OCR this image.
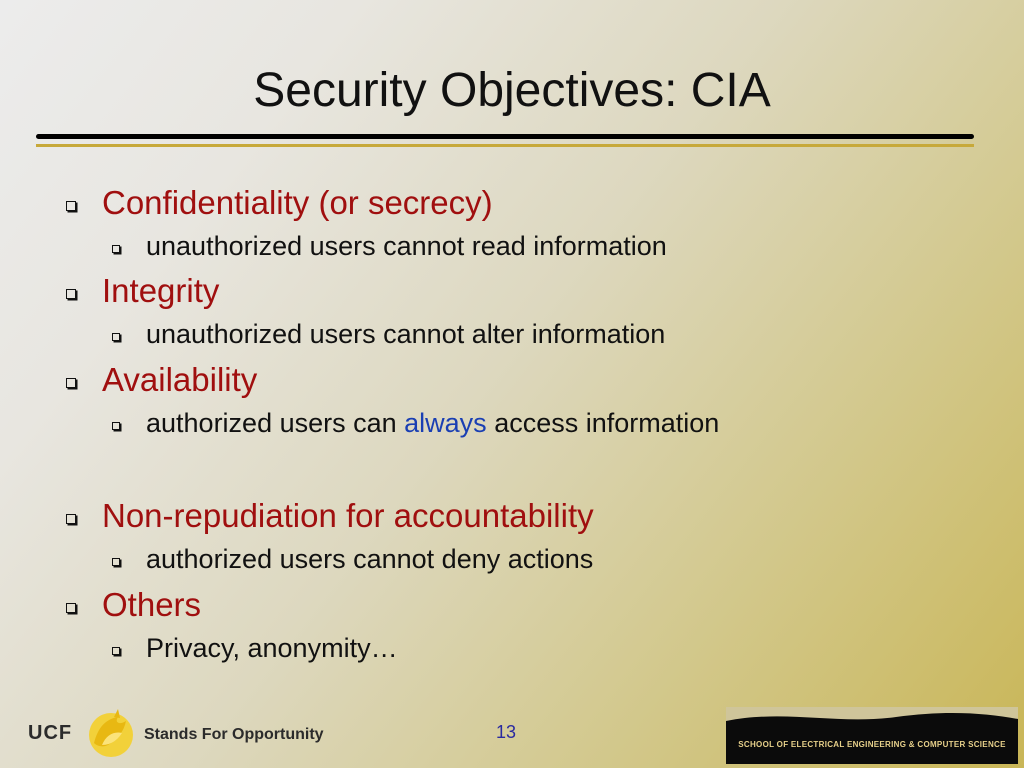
Security Objectives: CIA
Confidentiality (or secrecy)
unauthorized users cannot read information
Integrity
unauthorized users cannot alter information
Availability
authorized users can always access information
Non-repudiation for accountability
authorized users cannot deny actions
Others
Privacy, anonymity…
UCF	Stands For Opportunity	13
SCHOOL OF ELECTRICAL ENGINEERING & COMPUTER SCIENCE
